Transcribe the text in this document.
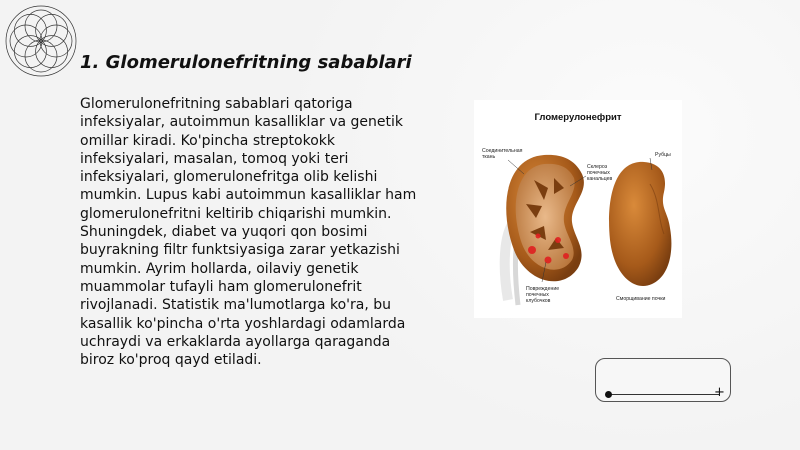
1. Glomerulonefritning sabablari

Glomerulonefritning sabablari qatoriga infeksiyalar, autoimmun kasalliklar va genetik omillar kiradi. Ko'pincha streptokokk infeksiyalari, masalan, tomoq yoki teri infeksiyalari, glomerulonefritga olib kelishi mumkin. Lupus kabi autoimmun kasalliklar ham glomerulonefritni keltirib chiqarishi mumkin. Shuningdek, diabet va yuqori qon bosimi buyrakning filtr funktsiyasiga zarar yetkazishi mumkin. Ayrim hollarda, oilaviy genetik muammolar tufayli ham glomerulonefrit rivojlanadi. Statistik ma'lumotlarga ko'ra, bu kasallik ko'pincha o'rta yoshlardagi odamlarda uchraydi va erkaklarda ayollarga qaraganda biroz ko'proq qayd etiladi.

Гломерулонефрит
Соединительная ткань
Склероз почечных канальцев
Рубцы
Повреждение почечных клубочков	Сморщивание почки
+
